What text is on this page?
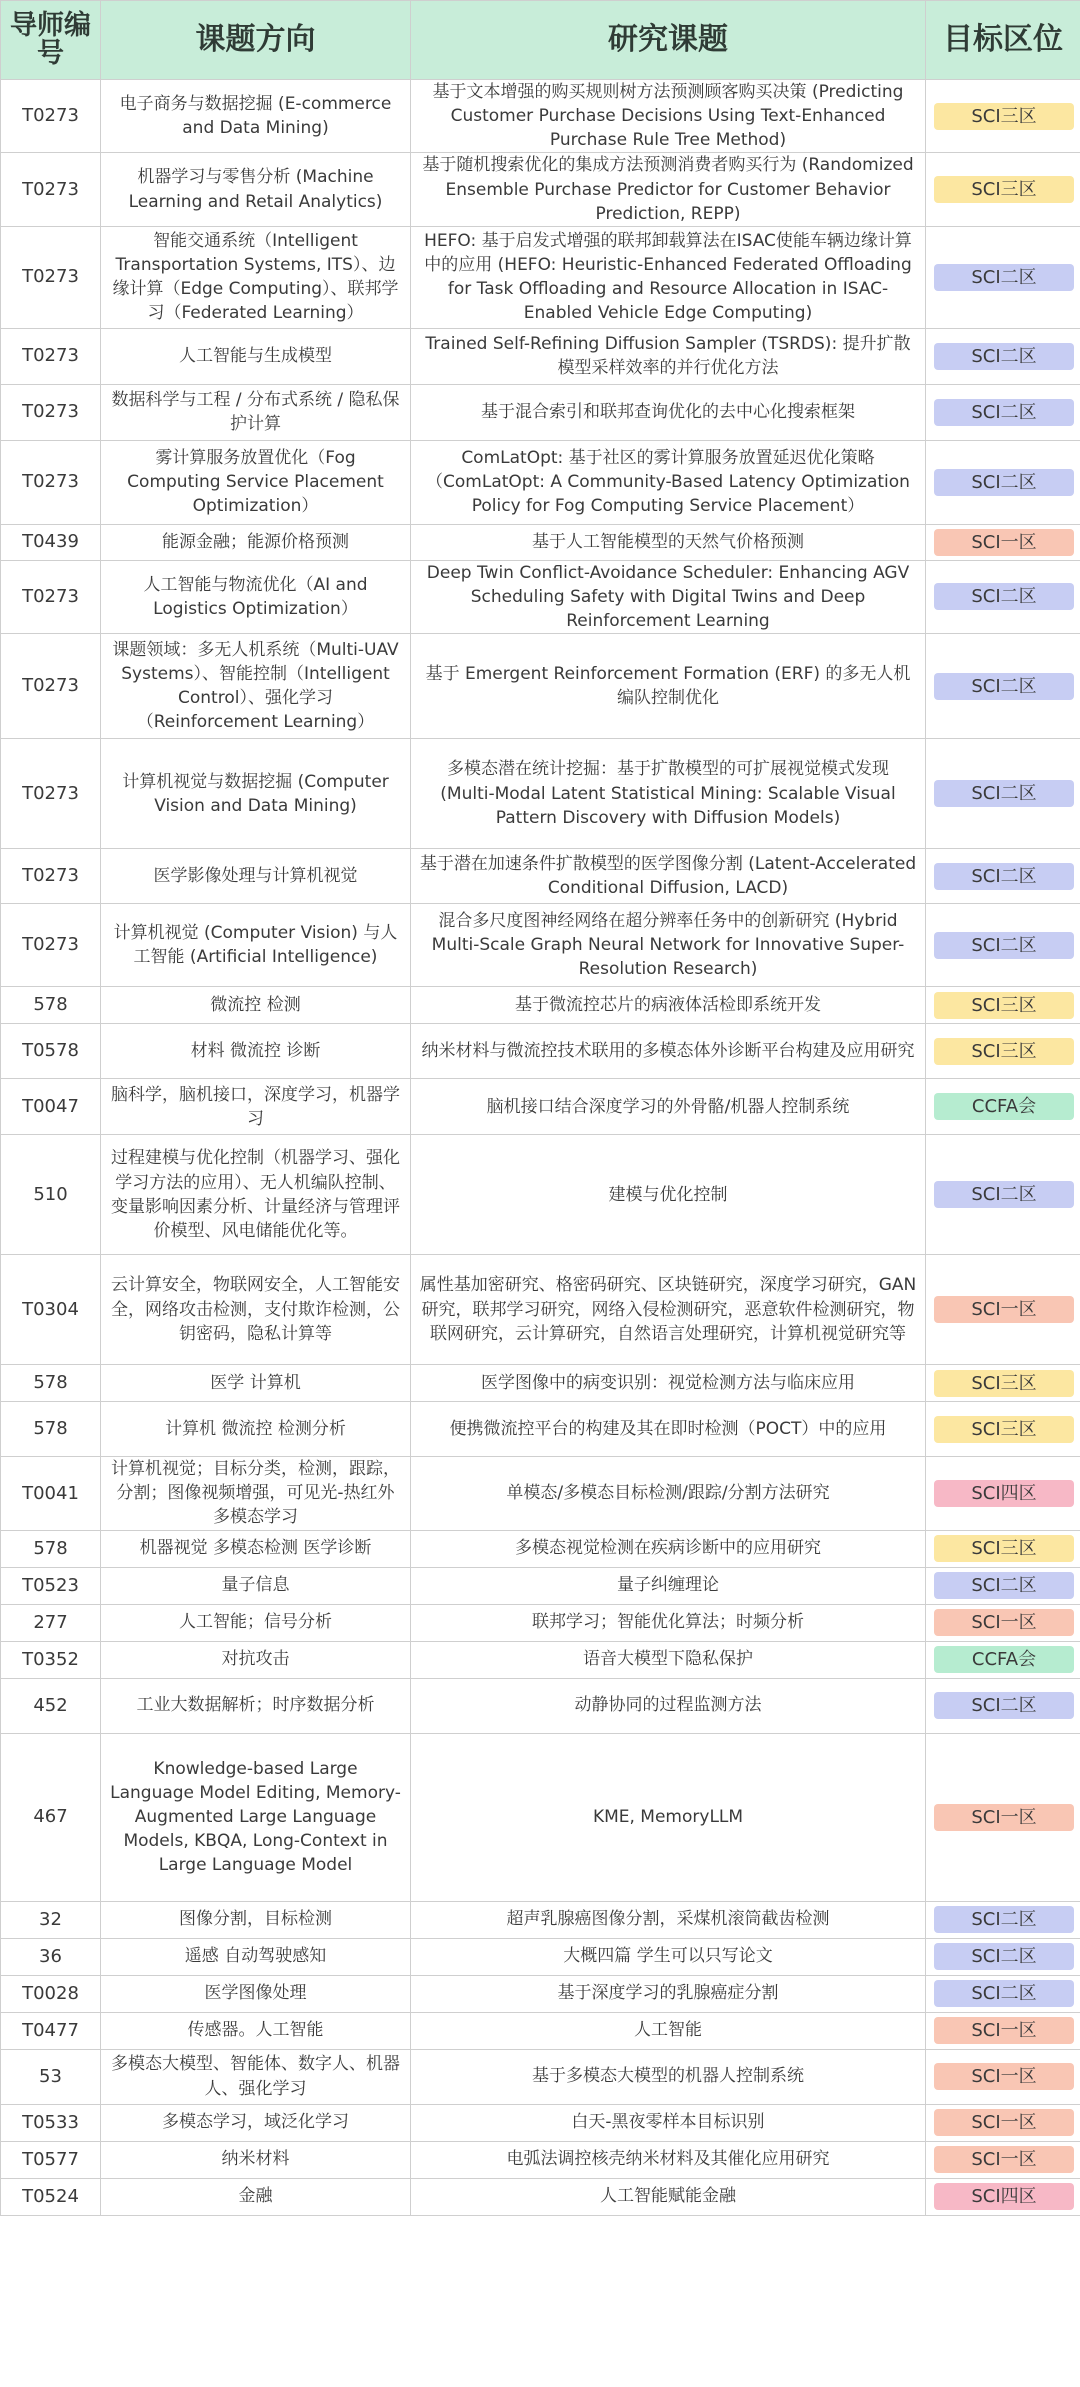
导师编号	课题方向	研究课题	目标区位
T0273	电子商务与数据挖掘 (E-commerce and Data Mining)	基于文本增强的购买规则树方法预测顾客购买决策 (Predicting Customer Purchase Decisions Using Text-Enhanced Purchase Rule Tree Method)	SCI三区
T0273	机器学习与零售分析 (Machine Learning and Retail Analytics)	基于随机搜索优化的集成方法预测消费者购买行为 (Randomized Ensemble Purchase Predictor for Customer Behavior Prediction, REPP)	SCI三区
T0273	智能交通系统（Intelligent Transportation Systems, ITS）、边缘计算（Edge Computing）、联邦学习（Federated Learning）	HEFO: 基于启发式增强的联邦卸载算法在ISAC使能车辆边缘计算中的应用 (HEFO: Heuristic-Enhanced Federated Offloading for Task Offloading and Resource Allocation in ISAC-Enabled Vehicle Edge Computing)	SCI二区
T0273	人工智能与生成模型	Trained Self-Refining Diffusion Sampler (TSRDS): 提升扩散模型采样效率的并行优化方法	SCI二区
T0273	数据科学与工程 / 分布式系统 / 隐私保护计算	基于混合索引和联邦查询优化的去中心化搜索框架	SCI二区
T0273	雾计算服务放置优化（Fog Computing Service Placement Optimization）	ComLatOpt: 基于社区的雾计算服务放置延迟优化策略（ComLatOpt: A Community-Based Latency Optimization Policy for Fog Computing Service Placement）	SCI二区
T0439	能源金融；能源价格预测	基于人工智能模型的天然气价格预测	SCI一区
T0273	人工智能与物流优化（AI and Logistics Optimization）	Deep Twin Conflict-Avoidance Scheduler: Enhancing AGV Scheduling Safety with Digital Twins and Deep Reinforcement Learning	SCI二区
T0273	课题领域：多无人机系统（Multi-UAV Systems）、智能控制（Intelligent Control）、强化学习（Reinforcement Learning）	基于 Emergent Reinforcement Formation (ERF) 的多无人机编队控制优化	SCI二区
T0273	计算机视觉与数据挖掘 (Computer Vision and Data Mining)	多模态潜在统计挖掘：基于扩散模型的可扩展视觉模式发现 (Multi-Modal Latent Statistical Mining: Scalable Visual Pattern Discovery with Diffusion Models)	SCI二区
T0273	医学影像处理与计算机视觉	基于潜在加速条件扩散模型的医学图像分割 (Latent-Accelerated Conditional Diffusion, LACD)	SCI二区
T0273	计算机视觉 (Computer Vision) 与人工智能 (Artificial Intelligence)	混合多尺度图神经网络在超分辨率任务中的创新研究 (Hybrid Multi-Scale Graph Neural Network for Innovative Super-Resolution Research)	SCI二区
578	微流控 检测	基于微流控芯片的病液体活检即系统开发	SCI三区
T0578	材料 微流控 诊断	纳米材料与微流控技术联用的多模态体外诊断平台构建及应用研究	SCI三区
T0047	脑科学，脑机接口，深度学习，机器学习	脑机接口结合深度学习的外骨骼/机器人控制系统	CCFA会
510	过程建模与优化控制（机器学习、强化学习方法的应用）、无人机编队控制、变量影响因素分析、计量经济与管理评价模型、风电储能优化等。	建模与优化控制	SCI二区
T0304	云计算安全，物联网安全，人工智能安全，网络攻击检测，支付欺诈检测，公钥密码，隐私计算等	属性基加密研究、格密码研究、区块链研究，深度学习研究，GAN研究，联邦学习研究，网络入侵检测研究，恶意软件检测研究，物联网研究，云计算研究，自然语言处理研究，计算机视觉研究等	SCI一区
578	医学 计算机	医学图像中的病变识别：视觉检测方法与临床应用	SCI三区
578	计算机 微流控 检测分析	便携微流控平台的构建及其在即时检测（POCT）中的应用	SCI三区
T0041	计算机视觉；目标分类，检测，跟踪，分割；图像视频增强，可见光-热红外多模态学习	单模态/多模态目标检测/跟踪/分割方法研究	SCI四区
578	机器视觉 多模态检测 医学诊断	多模态视觉检测在疾病诊断中的应用研究	SCI三区
T0523	量子信息	量子纠缠理论	SCI二区
277	人工智能；信号分析	联邦学习；智能优化算法；时频分析	SCI一区
T0352	对抗攻击	语音大模型下隐私保护	CCFA会
452	工业大数据解析；时序数据分析	动静协同的过程监测方法	SCI二区
467	Knowledge-based Large Language Model Editing, Memory-Augmented Large Language Models, KBQA, Long-Context in Large Language Model	KME, MemoryLLM	SCI一区
32	图像分割，目标检测	超声乳腺癌图像分割，采煤机滚筒截齿检测	SCI二区
36	遥感 自动驾驶感知	大概四篇 学生可以只写论文	SCI二区
T0028	医学图像处理	基于深度学习的乳腺癌症分割	SCI二区
T0477	传感器。人工智能	人工智能	SCI一区
53	多模态大模型、智能体、数字人、机器人、强化学习	基于多模态大模型的机器人控制系统	SCI一区
T0533	多模态学习，域泛化学习	白天-黑夜零样本目标识别	SCI一区
T0577	纳米材料	电弧法调控核壳纳米材料及其催化应用研究	SCI一区
T0524	金融	人工智能赋能金融	SCI四区
